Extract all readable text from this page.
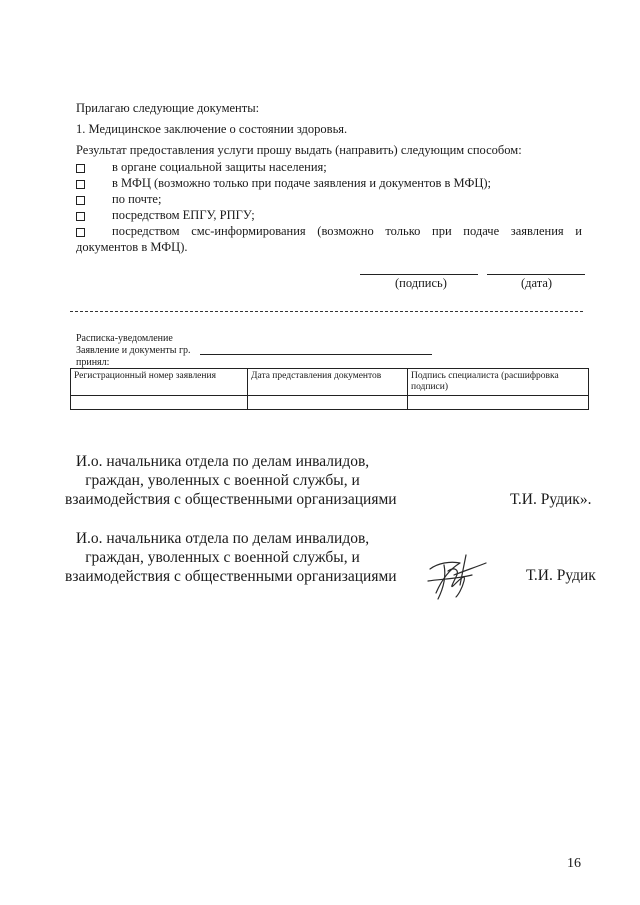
Прилагаю следующие документы:
1. Медицинское заключение о состоянии здоровья.
Результат предоставления услуги прошу выдать (направить) следующим способом:
в органе социальной защиты населения;
в МФЦ (возможно только при подаче заявления и документов в МФЦ);
по почте;
посредством ЕПГУ, РПГУ;
посредством смс-информирования (возможно только при подаче заявления и
документов в МФЦ).
(подпись)	(дата)
Расписка-уведомление
Заявление и документы гр.
принял:
Регистрационный номер заявления	Дата представления документов	Подпись специалиста (расшифровка подписи)

И.о. начальника отдела по делам инвалидов,
граждан, уволенных с военной службы, и
взаимодействия с общественными организациями	Т.И. Рудик».
И.о. начальника отдела по делам инвалидов,
граждан, уволенных с военной службы, и
взаимодействия с общественными организациями	Т.И. Рудик
16
